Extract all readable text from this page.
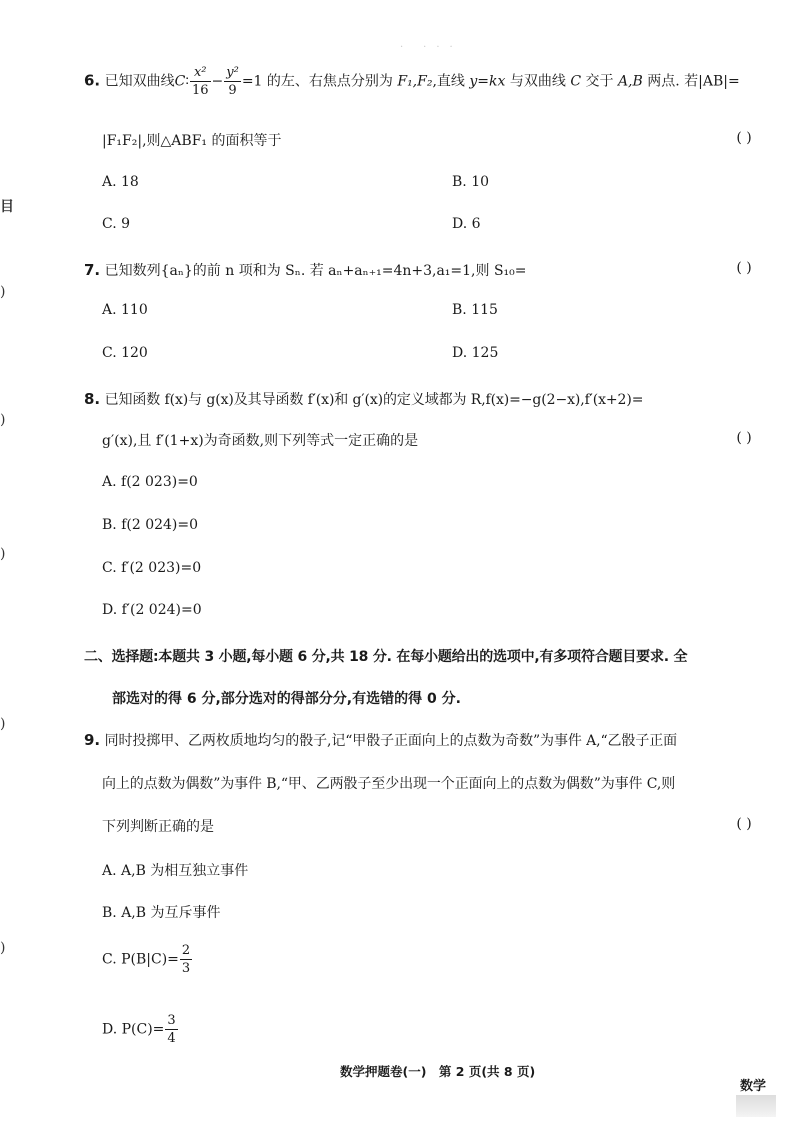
·　　·　·　·
目
)
)
)
)
)
6. 已知双曲线C∶ $\frac{\text{x²}}{16} - \frac{\text{y²}}{9} =1$ 的左、右焦点分别为 F₁,F₂,直线 y=kx 与双曲线 C 交于 A,B 两点. 若|AB|=
|F₁F₂|,则△ABF₁ 的面积等于	( )
A. 18	B. 10
C. 9	D. 6
7. 已知数列{aₙ}的前 n 项和为 Sₙ. 若 aₙ+aₙ₊₁=4n+3,a₁=1,则 S₁₀=	( )
A. 110	B. 115
C. 120	D. 125
8. 已知函数 f(x)与 g(x)及其导函数 f′(x)和 g′(x)的定义域都为 R,f(x)=−g(2−x),f′(x+2)=
g′(x),且 f′(1+x)为奇函数,则下列等式一定正确的是	( )
A. f(2 023)=0
B. f(2 024)=0
C. f′(2 023)=0
D. f′(2 024)=0
二、选择题:本题共 3 小题,每小题 6 分,共 18 分. 在每小题给出的选项中,有多项符合题目要求. 全
部选对的得 6 分,部分选对的得部分分,有选错的得 0 分.
9. 同时投掷甲、乙两枚质地均匀的骰子,记“甲骰子正面向上的点数为奇数”为事件 A,“乙骰子正面
向上的点数为偶数”为事件 B,“甲、乙两骰子至少出现一个正面向上的点数为偶数”为事件 C,则
下列判断正确的是	( )
A. A,B 为相互独立事件
B. A,B 为互斥事件
C. $P(B|C)= \frac{2}{3}$
D. $P(C)= \frac{3}{4}$
数学押题卷(一)　第 2 页(共 8 页)
数学
